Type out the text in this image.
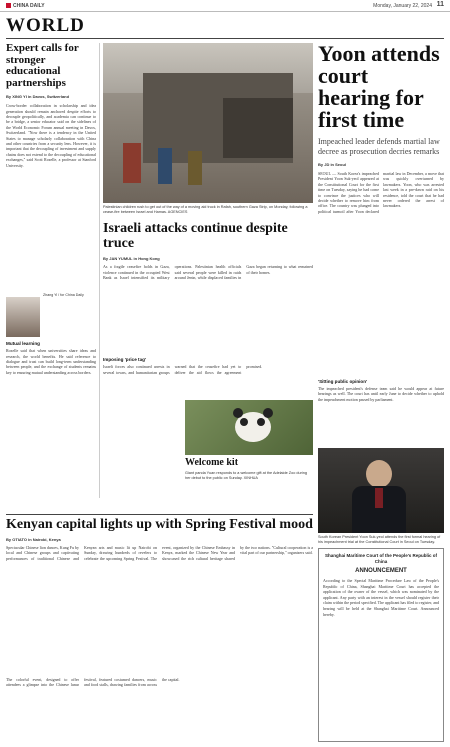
CHINA DAILY	Monday, January 22, 2024 11
WORLD
Expert calls for stronger educational partnerships
By XING YI in Davos, Switzerland
Cross-border collaboration in scholarship and idea generation should remain anchored despite efforts to decouple geopolitically, and academia can continue to be a bridge, a senior educator said on the sidelines of the World Economic Forum annual meeting in Davos, Switzerland. "Now there is a tendency in the United States to manage scholarly collaboration with China and other countries from a security lens. However, it is important that the decoupling of investment and supply chains does not extend to the decoupling of educational exchanges," said Scott Rozelle, a professor at Stanford University.
Zhang Yi / for China Daily
Mutual learning
Rozelle said that when universities share ideas and research, the world benefits. He said reference to dialogue and trust can build long-term understanding between people, and the exchange of students remains key to ensuring mutual understanding across borders.
Palestinian children rush to get out of the way of a moving aid truck in Rafah, southern Gaza Strip, on Monday, following a cease-fire between Israel and Hamas. AGENCIES
Yoon attends court hearing for first time
Impeached leader defends martial law decree as prosecution decries remarks
By JD in Seoul
SEOUL — South Korea's impeached President Yoon Suk-yeol appeared at the Constitutional Court for the first time on Tuesday, saying he had come to convince the justices who will decide whether to remove him from office. The country was plunged into political turmoil after Yoon declared martial law in December, a move that was quickly overturned by lawmakers. Yoon, who was arrested last week in a pre-dawn raid on his residence, told the court that he had never ordered the arrest of lawmakers.
'Sitting public opinion'
The impeached president's defense team said he would appear at future hearings as well. The court has until early June to decide whether to uphold the impeachment motion passed by parliament.
Israeli attacks continue despite truce
By JAN YUMUL in Hong Kong
As a fragile ceasefire holds in Gaza, violence continued in the occupied West Bank as Israel intensified its military operations. Palestinian health officials said several people were killed in raids around Jenin, while displaced families in Gaza began returning to what remained of their homes.
Imposing 'price tag'
Israeli forces also continued arrests in several towns, and humanitarian groups warned that the ceasefire had yet to deliver the aid flows the agreement promised.
Welcome kit
Giant panda Yuan responds to a welcome gift at the Adelaide Zoo during her debut to the public on Sunday. XINHUA
South Korean President Yoon Suk-yeol attends the first formal hearing of his impeachment trial at the Constitutional Court in Seoul on Tuesday.
Kenyan capital lights up with Spring Festival mood
By OTIATO in Nairobi, Kenya
Spectacular Chinese lion dances, Kung Fu by local and Chinese groups and captivating performances of traditional Chinese and Kenyan arts and music lit up Nairobi on Sunday, drawing hundreds of revelers to celebrate the upcoming Spring Festival. The event, organized by the Chinese Embassy in Kenya, marked the Chinese New Year and showcased the rich cultural heritage shared by the two nations. "Cultural cooperation is a vital part of our partnership," organizers said.
The colorful event, designed to offer attendees a glimpse into the Chinese lunar festival, featured costumed dancers, music and food stalls, drawing families from across the capital.
Shanghai Maritime Court of the People's Republic of China
ANNOUNCEMENT
According to the Special Maritime Procedure Law of the People's Republic of China, Shanghai Maritime Court has accepted the application of the owner of the vessel, which was nominated by the applicant. Any party with an interest in the vessel should register their claim within the period specified. The applicant has filed to register, and hearing will be held at the Shanghai Maritime Court. Announced hereby.
